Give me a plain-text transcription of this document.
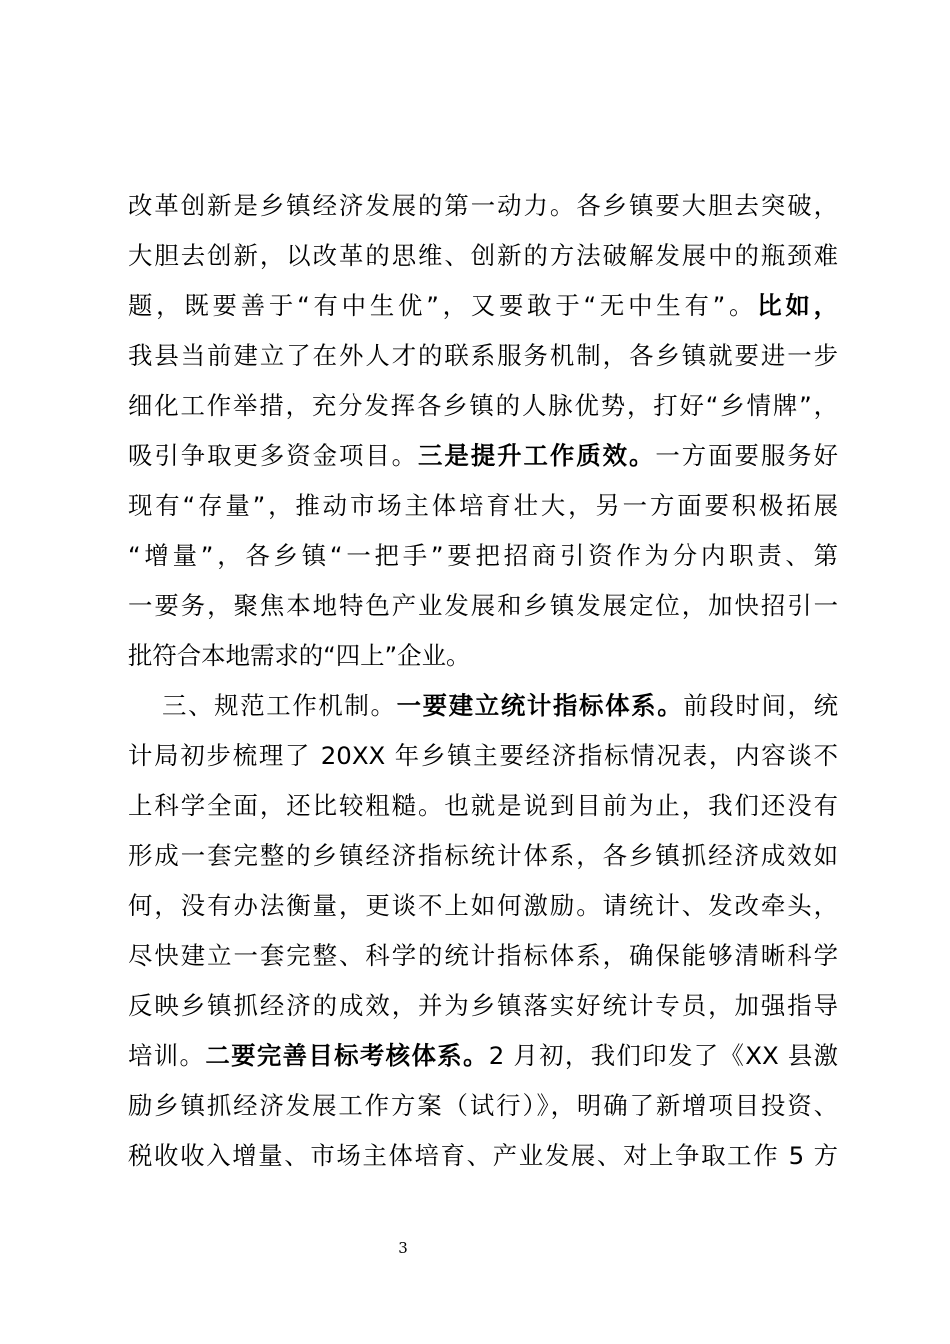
改革创新是乡镇经济发展的第一动力。各乡镇要大胆去突破，
大胆去创新，以改革的思维、创新的方法破解发展中的瓶颈难
题，既要善于“有中生优”，又要敢于“无中生有”。比如，
我县当前建立了在外人才的联系服务机制，各乡镇就要进一步
细化工作举措，充分发挥各乡镇的人脉优势，打好“乡情牌”，
吸引争取更多资金项目。三是提升工作质效。一方面要服务好
现有“存量”，推动市场主体培育壮大，另一方面要积极拓展
“增量”，各乡镇“一把手”要把招商引资作为分内职责、第
一要务，聚焦本地特色产业发展和乡镇发展定位，加快招引一
批符合本地需求的“四上”企业。
三、规范工作机制。一要建立统计指标体系。前段时间，统
计局初步梳理了 20XX 年乡镇主要经济指标情况表，内容谈不
上科学全面，还比较粗糙。也就是说到目前为止，我们还没有
形成一套完整的乡镇经济指标统计体系，各乡镇抓经济成效如
何，没有办法衡量，更谈不上如何激励。请统计、发改牵头，
尽快建立一套完整、科学的统计指标体系，确保能够清晰科学
反映乡镇抓经济的成效，并为乡镇落实好统计专员，加强指导
培训。二要完善目标考核体系。2 月初，我们印发了《XX 县激
励乡镇抓经济发展工作方案（试行）》，明确了新增项目投资、
税收收入增量、市场主体培育、产业发展、对上争取工作 5 方
3
